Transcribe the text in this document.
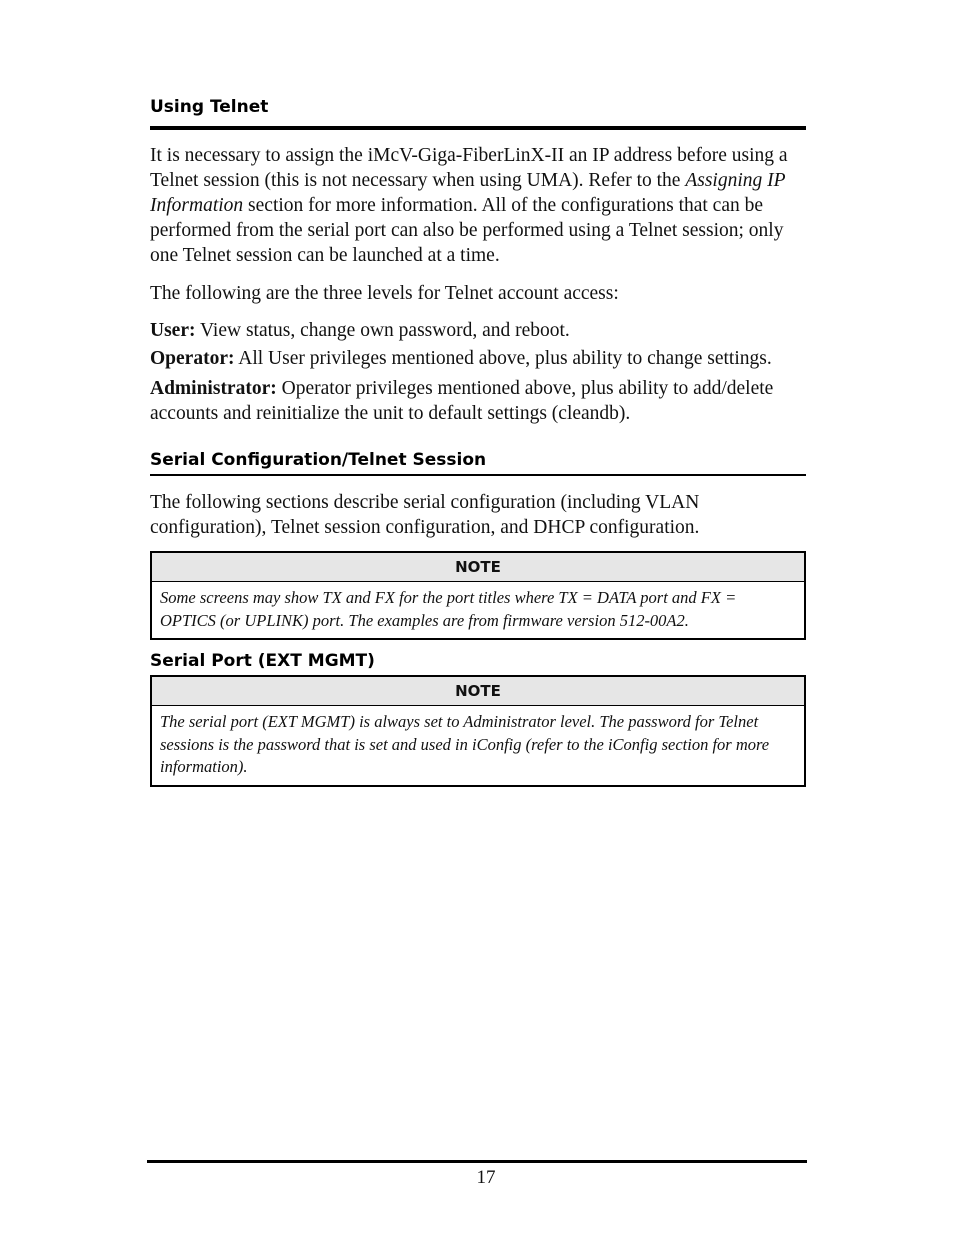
Using Telnet

It is necessary to assign the iMcV-Giga-FiberLinX-II an IP address before using a Telnet session (this is not necessary when using UMA). Refer to the Assigning IP Information section for more information. All of the configurations that can be performed from the serial port can also be performed using a Telnet session; only one Telnet session can be launched at a time.

The following are the three levels for Telnet account access:

User: View status, change own password, and reboot.

Operator: All User privileges mentioned above, plus ability to change settings.

Administrator: Operator privileges mentioned above, plus ability to add/delete accounts and reinitialize the unit to default settings (cleandb).

Serial Configuration/Telnet Session

The following sections describe serial configuration (including VLAN configuration), Telnet session configuration, and DHCP configuration.

NOTE
Some screens may show TX and FX for the port titles where TX = DATA port and FX = OPTICS (or UPLINK) port. The examples are from firmware version 512-00A2.
Serial Port (EXT MGMT)
NOTE
The serial port (EXT MGMT) is always set to Administrator level. The password for Telnet sessions is the password that is set and used in iConfig (refer to the iConfig section for more information).
17
